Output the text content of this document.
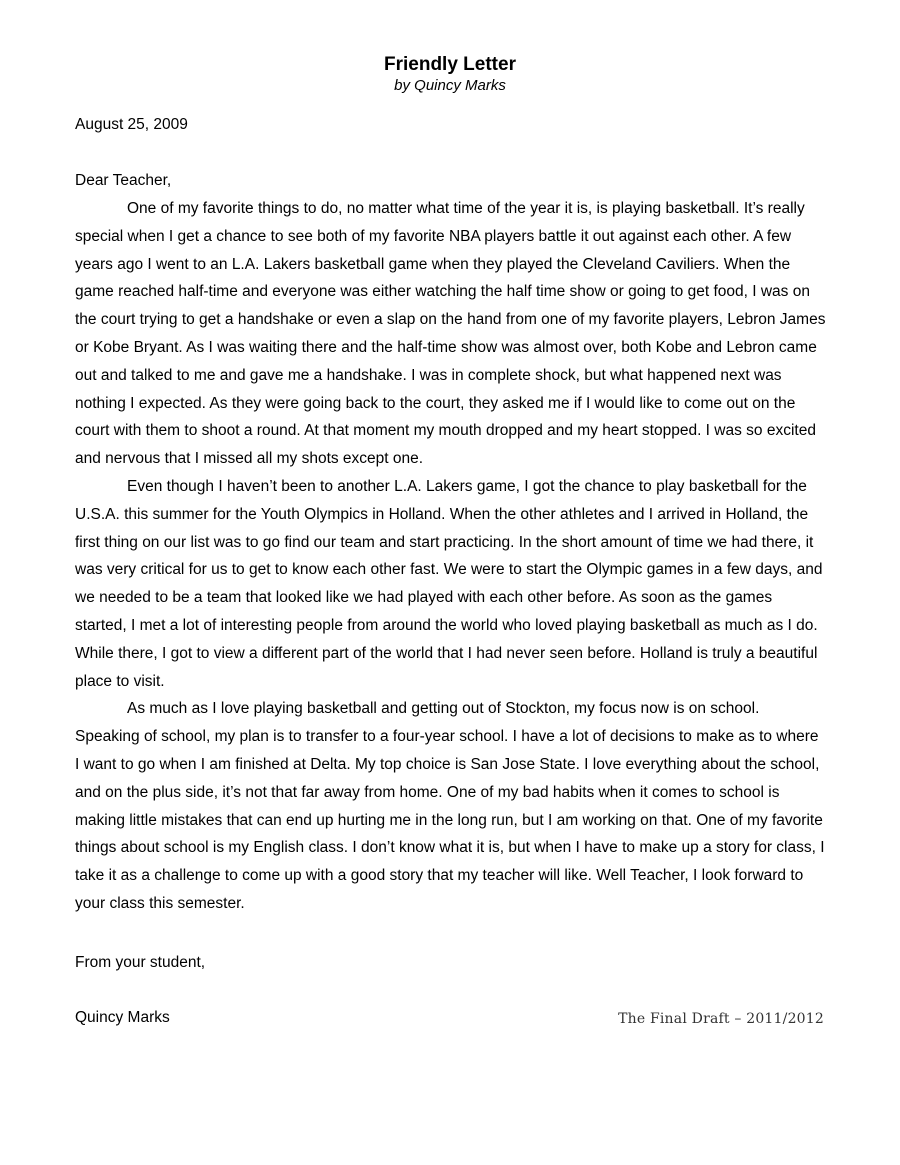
Friendly Letter
by Quincy Marks
August 25, 2009
Dear Teacher,

One of my favorite things to do, no matter what time of the year it is, is playing basketball. It’s really special when I get a chance to see both of my favorite NBA players battle it out against each other. A few years ago I went to an L.A. Lakers basketball game when they played the Cleveland Caviliers. When the game reached half-time and everyone was either watching the half time show or going to get food, I was on the court trying to get a handshake or even a slap on the hand from one of my favorite players, Lebron James or Kobe Bryant. As I was waiting there and the half-time show was almost over, both Kobe and Lebron came out and talked to me and gave me a handshake. I was in complete shock, but what happened next was nothing I expected. As they were going back to the court, they asked me if I would like to come out on the court with them to shoot a round. At that moment my mouth dropped and my heart stopped. I was so excited and nervous that I missed all my shots except one.

Even though I haven’t been to another L.A. Lakers game, I got the chance to play basketball for the U.S.A. this summer for the Youth Olympics in Holland. When the other athletes and I arrived in Holland, the first thing on our list was to go find our team and start practicing. In the short amount of time we had there, it was very critical for us to get to know each other fast. We were to start the Olympic games in a few days, and we needed to be a team that looked like we had played with each other before. As soon as the games started, I met a lot of interesting people from around the world who loved playing basketball as much as I do. While there, I got to view a different part of the world that I had never seen before. Holland is truly a beautiful place to visit.

As much as I love playing basketball and getting out of Stockton, my focus now is on school. Speaking of school, my plan is to transfer to a four-year school. I have a lot of decisions to make as to where I want to go when I am finished at Delta. My top choice is San Jose State. I love everything about the school, and on the plus side, it’s not that far away from home. One of my bad habits when it comes to school is making little mistakes that can end up hurting me in the long run, but I am working on that. One of my favorite things about school is my English class. I don’t know what it is, but when I have to make up a story for class, I take it as a challenge to come up with a good story that my teacher will like. Well Teacher, I look forward to your class this semester.

From your student,
Quincy Marks	The Final Draft – 2011/2012
